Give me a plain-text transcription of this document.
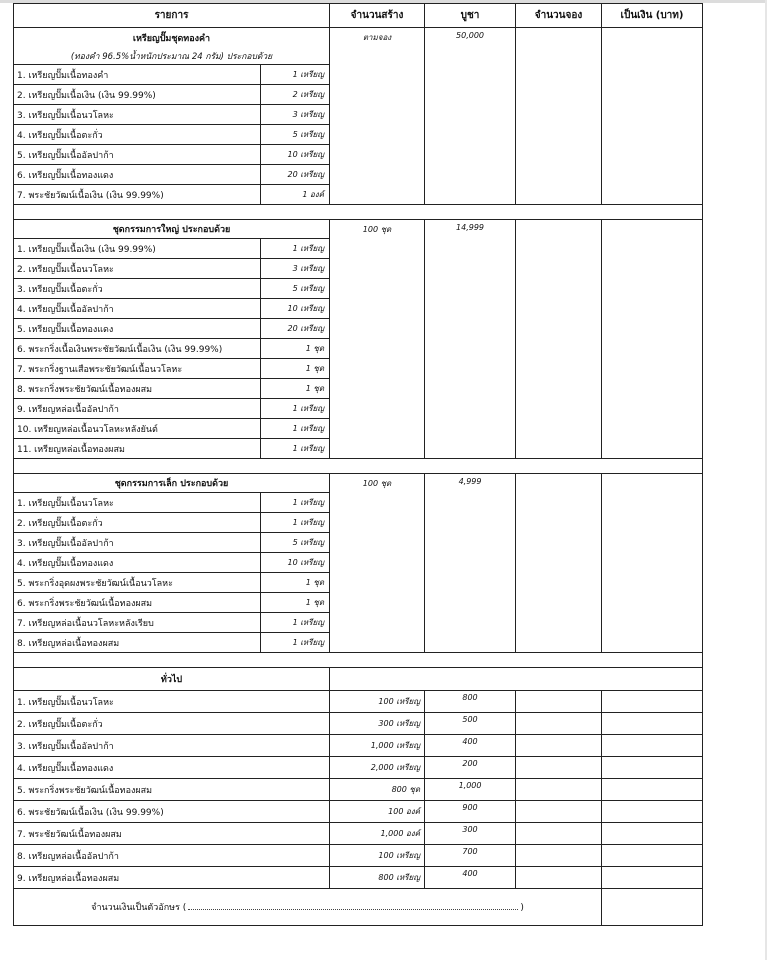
รายการ		จำนวนสร้าง	บูชา	จำนวนจอง	เป็นเงิน (บาท)
เหรียญปั๊มชุดทองคำ		ตามจอง	50,000		
(ทองคำ 96.5%น้ำหนักประมาณ 24 กรัม) ประกอบด้วย					
1. เหรียญปั๊มเนื้อทองคำ	1 เหรียญ				
2. เหรียญปั๊มเนื้อเงิน (เงิน 99.99%)	2 เหรียญ				
3. เหรียญปั๊มเนื้อนวโลหะ	3 เหรียญ				
4. เหรียญปั๊มเนื้อตะกั่ว	5 เหรียญ				
5. เหรียญปั๊มเนื้ออัลปาก้า	10 เหรียญ				
6. เหรียญปั๊มเนื้อทองแดง	20 เหรียญ				
7. พระชัยวัฒน์เนื้อเงิน (เงิน 99.99%)	1 องค์				

ชุดกรรมการใหญ่ ประกอบด้วย		100 ชุด	14,999		
1. เหรียญปั๊มเนื้อเงิน (เงิน 99.99%)	1 เหรียญ				
2. เหรียญปั๊มเนื้อนวโลหะ	3 เหรียญ				
3. เหรียญปั๊มเนื้อตะกั่ว	5 เหรียญ				
4. เหรียญปั๊มเนื้ออัลปาก้า	10 เหรียญ				
5. เหรียญปั๊มเนื้อทองแดง	20 เหรียญ				
6. พระกริ่งเนื้อเงินพระชัยวัฒน์เนื้อเงิน (เงิน 99.99%)	1 ชุด				
7. พระกริ่งฐานเสือพระชัยวัฒน์เนื้อนวโลหะ	1 ชุด				
8. พระกริ่งพระชัยวัฒน์เนื้อทองผสม	1 ชุด				
9. เหรียญหล่อเนื้ออัลปาก้า	1 เหรียญ				
10. เหรียญหล่อเนื้อนวโลหะหลังยันต์	1 เหรียญ				
11. เหรียญหล่อเนื้อทองผสม	1 เหรียญ				

ชุดกรรมการเล็ก ประกอบด้วย		100 ชุด	4,999		
1. เหรียญปั๊มเนื้อนวโลหะ	1 เหรียญ				
2. เหรียญปั๊มเนื้อตะกั่ว	1 เหรียญ				
3. เหรียญปั๊มเนื้ออัลปาก้า	5 เหรียญ				
4. เหรียญปั๊มเนื้อทองแดง	10 เหรียญ				
5. พระกริ่งอุดผงพระชัยวัฒน์เนื้อนวโลหะ	1 ชุด				
6. พระกริ่งพระชัยวัฒน์เนื้อทองผสม	1 ชุด				
7. เหรียญหล่อเนื้อนวโลหะหลังเรียบ	1 เหรียญ				
8. เหรียญหล่อเนื้อทองผสม	1 เหรียญ				

ทั่วไป					
1. เหรียญปั๊มเนื้อนวโลหะ		100 เหรียญ	800		
2. เหรียญปั๊มเนื้อตะกั่ว		300 เหรียญ	500		
3. เหรียญปั๊มเนื้ออัลปาก้า		1,000 เหรียญ	400		
4. เหรียญปั๊มเนื้อทองแดง		2,000 เหรียญ	200		
5. พระกริ่งพระชัยวัฒน์เนื้อทองผสม		800 ชุด	1,000		
6. พระชัยวัฒน์เนื้อเงิน (เงิน 99.99%)		100 องค์	900		
7. พระชัยวัฒน์เนื้อทองผสม		1,000 องค์	300		
8. เหรียญหล่อเนื้ออัลปาก้า		100 เหรียญ	700		
9. เหรียญหล่อเนื้อทองผสม		800 เหรียญ	400		
จำนวนเงินเป็นตัวอักษร ( )					
